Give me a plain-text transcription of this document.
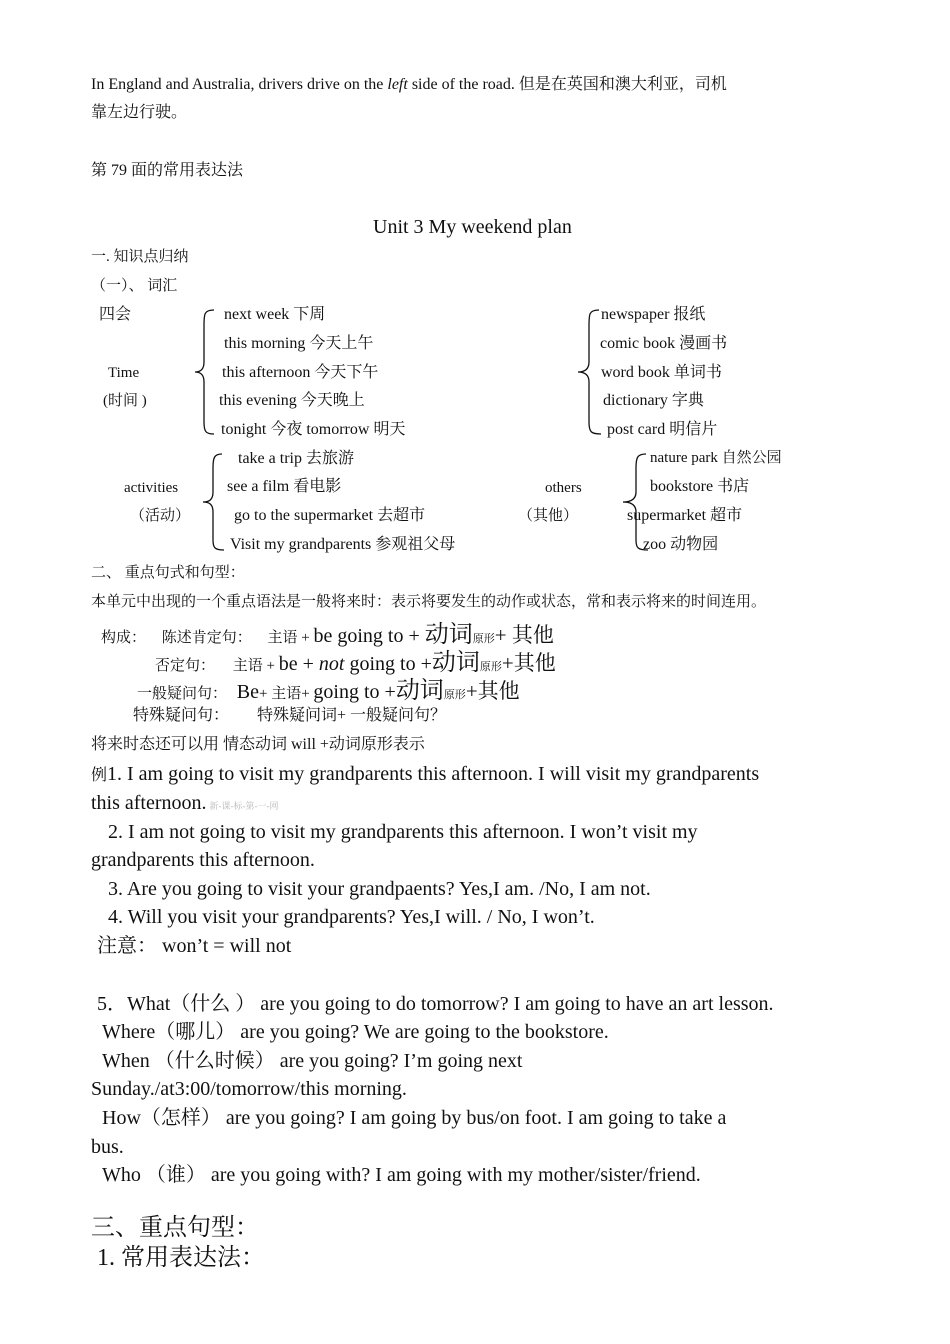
In England and Australia, drivers drive on the left side of the road. 但是在英国和澳大利亚，司机
靠左边行驶。
第 79 面的常用表达法
Unit 3 My weekend plan
一. 知识点归纳
（一）、 词汇
四会
Time
(时间 )
next week 下周
this morning 今天上午
this afternoon 今天下午
this evening 今天晚上
tonight 今夜 tomorrow 明天
newspaper 报纸
comic book 漫画书
word book 单词书
dictionary 字典
post card 明信片
activities
（活动）
take a trip 去旅游
see a film 看电影
go to the supermarket 去超市
Visit my grandparents 参观祖父母
others
（其他）
nature park 自然公园
bookstore 书店
supermarket 超市
zoo 动物园
二、 重点句式和句型：
本单元中出现的一个重点语法是一般将来时：表示将要发生的动作或状态，常和表示将来的时间连用。
构成： 陈述肯定句： 主语 + be going to + 动词原形+ 其他
否定句： 主语 + be + not going to +动词原形+其他
一般疑问句： Be+ 主语+ going to +动词原形+其他
特殊疑问句： 特殊疑问词+ 一般疑问句？
将来时态还可以用 情态动词 will +动词原形表示
例1. I am going to visit my grandparents this afternoon. I will visit my grandparents
this afternoon. 新-课-标-第-一-网
2. I am not going to visit my grandparents this afternoon. I won’t visit my
grandparents this afternoon.
3. Are you going to visit your grandpaents? Yes,I am. /No, I am not.
4. Will you visit your grandparents? Yes,I will. / No, I won’t.
注意： won’t = will not
5．What（什么 ） are you going to do tomorrow? I am going to have an art lesson.
Where（哪儿） are you going? We are going to the bookstore.
When （什么时候） are you going? I’m going next
Sunday./at3:00/tomorrow/this morning.
How（怎样） are you going? I am going by bus/on foot. I am going to take a
bus.
Who （谁） are you going with? I am going with my mother/sister/friend.
三、重点句型：
1. 常用表达法：
